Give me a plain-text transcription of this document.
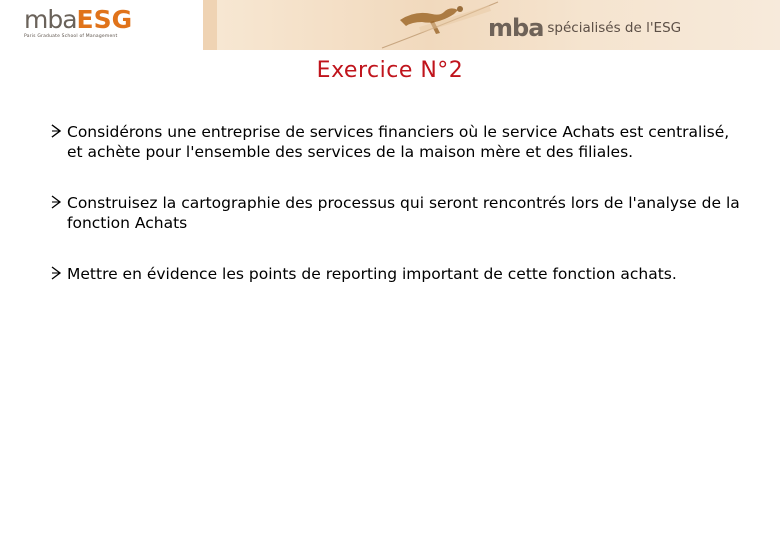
mbaESG
Paris Graduate School of Management	mba spécialisés de l'ESG
Exercice N°2
Considérons une entreprise de services financiers où le service Achats est centralisé, et achète pour l'ensemble des services de la maison mère et des filiales.
Construisez la cartographie des processus qui seront rencontrés lors de l'analyse de la fonction Achats
Mettre en évidence les points de reporting important de cette fonction achats.
